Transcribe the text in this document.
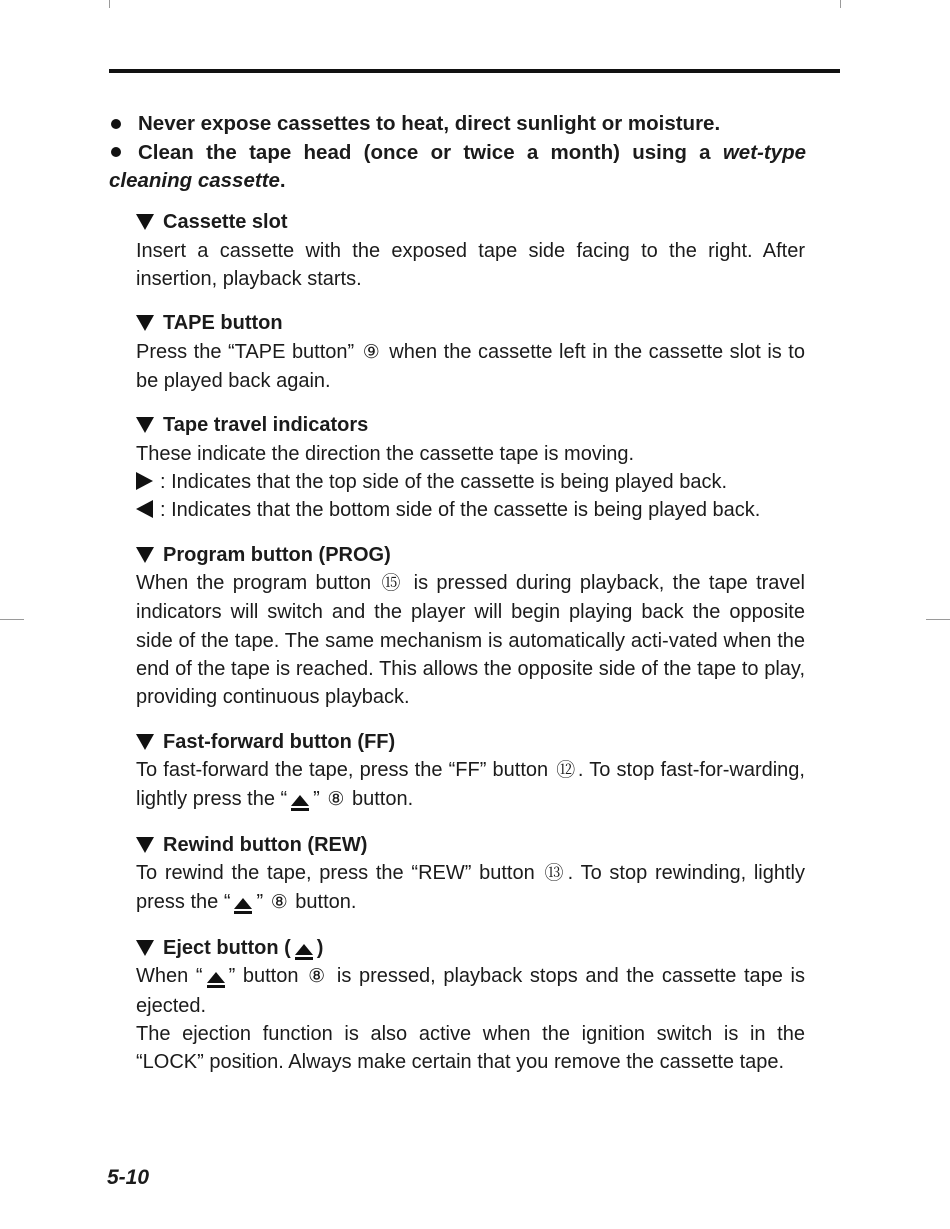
Never expose cassettes to heat, direct sunlight or moisture.
Clean the tape head (once or twice a month) using a wet-type cleaning cassette.
Cassette slot

Insert a cassette with the exposed tape side facing to the right. After insertion, playback starts.

TAPE button

Press the “TAPE button” ⑨ when the cassette left in the cassette slot is to be played back again.

Tape travel indicators

These indicate the direction the cassette tape is moving.

: Indicates that the top side of the cassette is being played back.

: Indicates that the bottom side of the cassette is being played back.

Program button (PROG)

When the program button ⑮ is pressed during playback, the tape travel indicators will switch and the player will begin playing back the opposite side of the tape. The same mechanism is automatically acti-vated when the end of the tape is reached. This allows the opposite side of the tape to play, providing continuous playback.

Fast-forward button (FF)

To fast-forward the tape, press the “FF” button ⑫ . To stop fast-for-warding, lightly press the “ ” ⑧ button.

Rewind button (REW)

To rewind the tape, press the “REW” button ⑬ . To stop rewinding, lightly press the “ ” ⑧ button.

Eject button ( )

When “ ” button ⑧ is pressed, playback stops and the cassette tape is ejected.

The ejection function is also active when the ignition switch is in the “LOCK” position. Always make certain that you remove the cassette tape.

5-10
